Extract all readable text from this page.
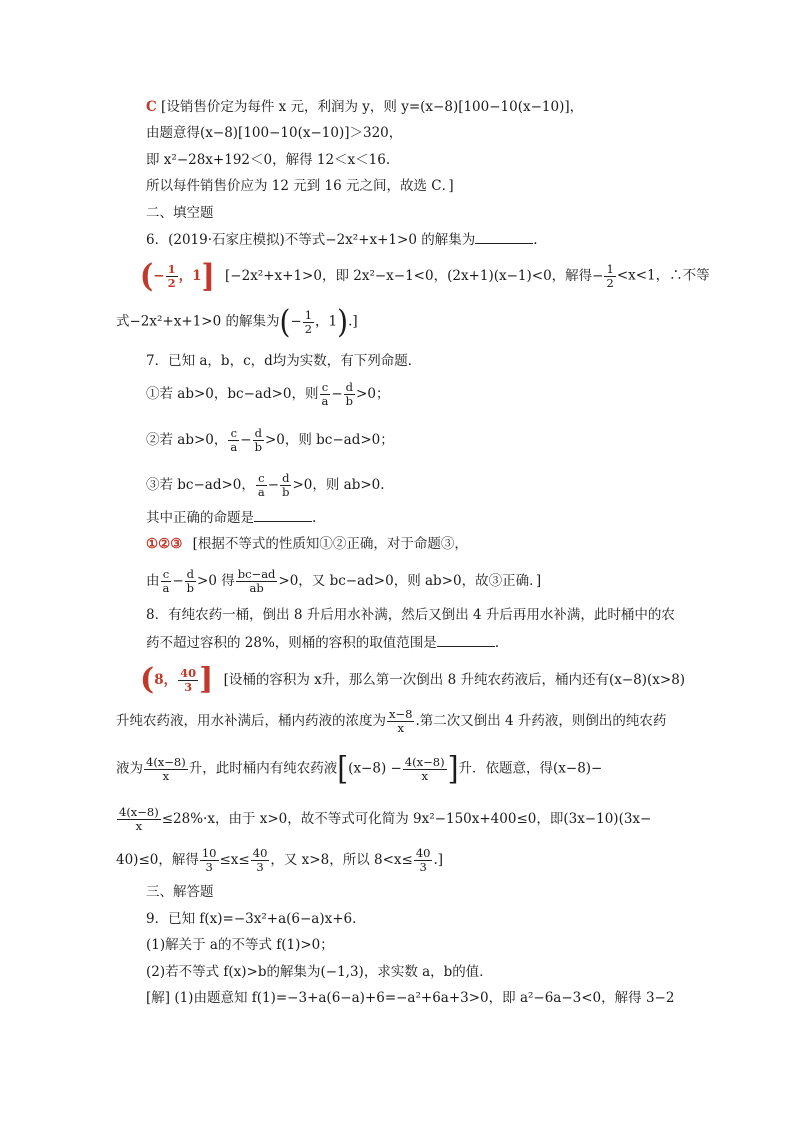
C [设销售价定为每件 x 元，利润为 y，则 y=(x−8)[100−10(x−10)]，
由题意得(x−8)[100−10(x−10)]＞320，
即 x²−28x+192＜0，解得 12＜x＜16.
所以每件销售价应为 12 元到 16 元之间，故选 C．]
二、填空题
6．(2019·石家庄模拟)不等式−2x²+x+1>0 的解集为	.
(− $\frac{1}{2}$ ，1] [−2x²+x+1>0，即 2x²−x−1<0，(2x+1)(x−1)<0，解得− $\frac{1}{2} <x<1$，∴不等
式−2x²+x+1>0 的解集为(− $\frac{1}{2}$ ，1).]
7．已知 a，b，c，d均为实数，有下列命题．
①若 ab>0，bc−ad>0，则 $\frac{c}{a} - \frac{d}{b} >0$；
②若 ab>0， $\frac{c}{a} - \frac{d}{b} >0$，则 bc−ad>0；
③若 bc−ad>0， $\frac{c}{a} - \frac{d}{b} >0$，则 ab>0.
其中正确的命题是	.
①②③ [根据不等式的性质知①②正确，对于命题③，
由 $\frac{c}{a} - \frac{d}{b} >0$ 得 $\frac{bc-ad}{ab} >0$，又 bc−ad>0，则 ab>0，故③正确．]
8．有纯农药一桶，倒出 8 升后用水补满，然后又倒出 4 升后再用水补满，此时桶中的农
药不超过容积的 28%，则桶的容积的取值范围是	.
(8， $\frac{40}{3}$ ] [设桶的容积为 x升，那么第一次倒出 8 升纯农药液后，桶内还有(x−8)(x>8)
升纯农药液，用水补满后，桶内药液的浓度为 $\frac{x-8}{x}$ .第二次又倒出 4 升药液，则倒出的纯农药
液为 $\frac{4(x-8)}{x}$ 升，此时桶内有纯农药液[$(x-8) - \frac{4(x-8)}{x}$ ]升．依题意，得(x−8)−
$\frac{4(x-8)}{x} \le 28\%\cdot x$，由于 x>0，故不等式可化简为 9x²−150x+400≤0，即(3x−10)(3x−
40)≤0，解得 $\frac{10}{3} \le x\le \frac{40}{3}$ ，又 x>8，所以 $8<x\le \frac{40}{3}$ .]
三、解答题
9．已知 f(x)=−3x²+a(6−a)x+6.
(1)解关于 a的不等式 f(1)>0；
(2)若不等式 f(x)>b的解集为(−1,3)，求实数 a，b的值．
[解] (1)由题意知 f(1)=−3+a(6−a)+6=−a²+6a+3>0，即 a²−6a−3<0，解得 3−2
